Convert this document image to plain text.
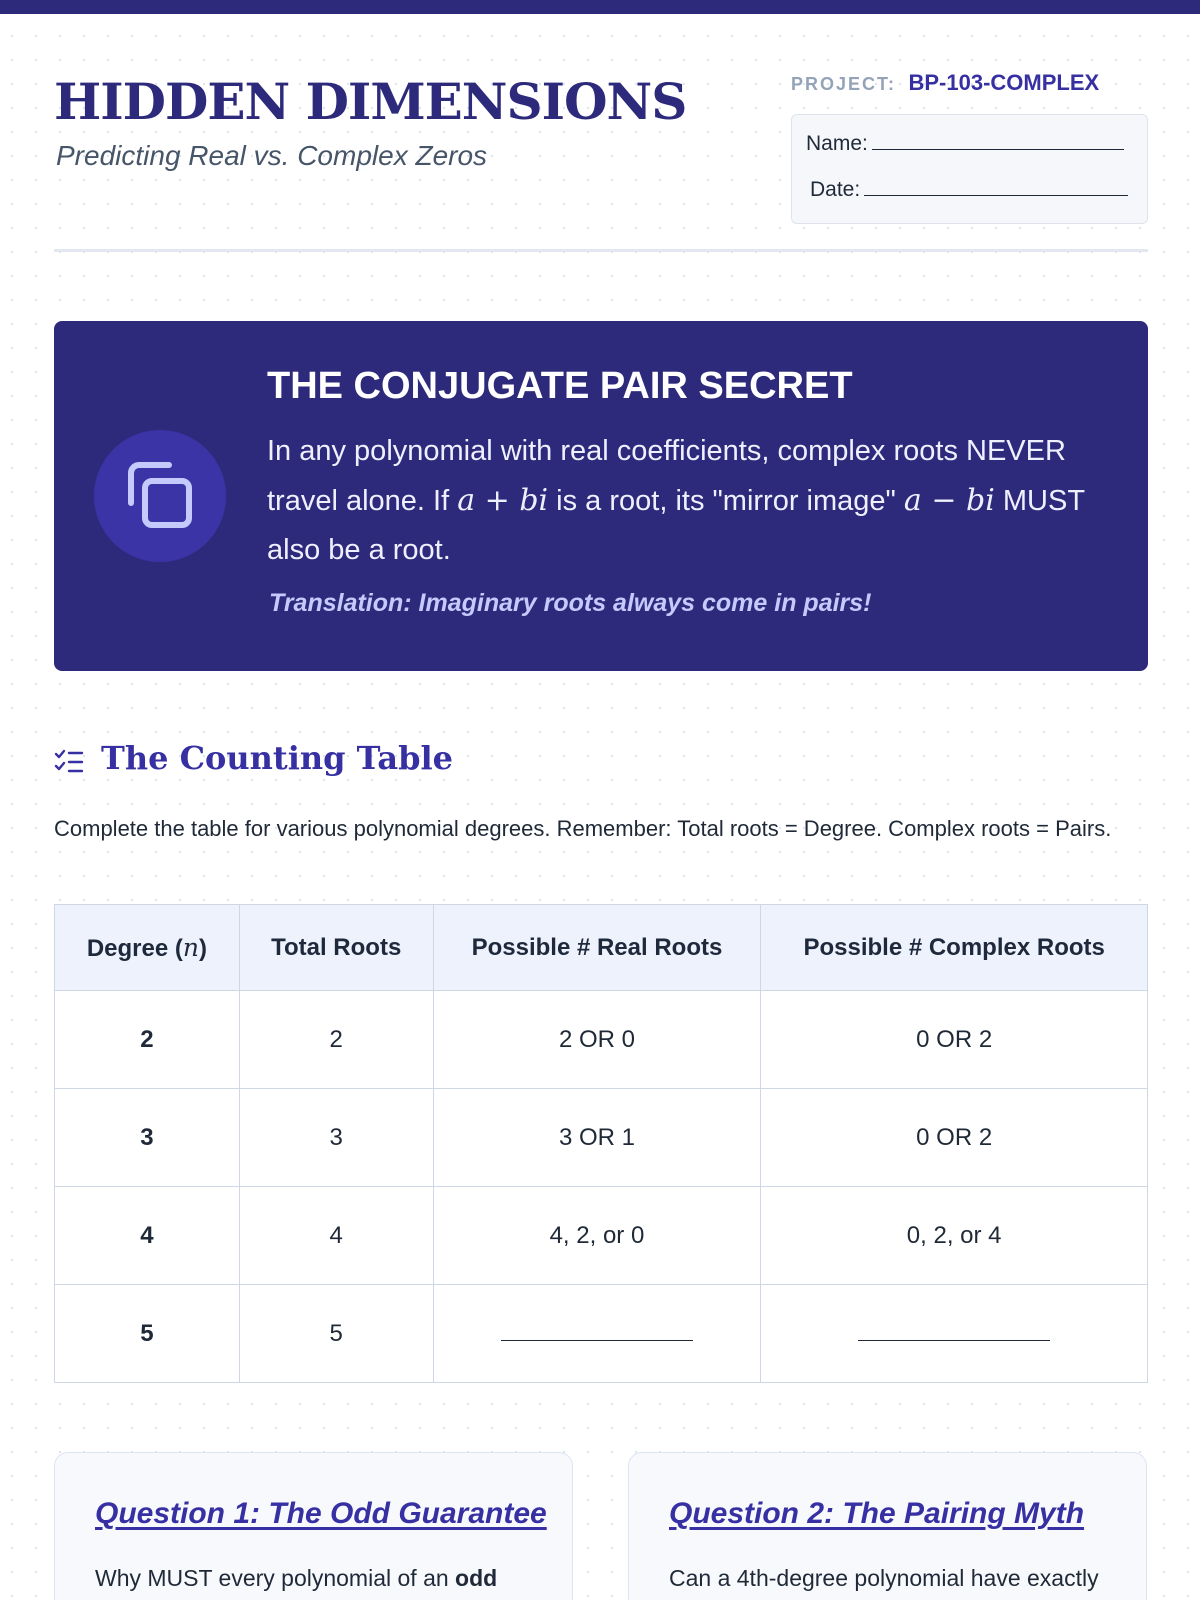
HIDDEN DIMENSIONS
Predicting Real vs. Complex Zeros
PROJECT: BP-103-COMPLEX
Name:
Date:
THE CONJUGATE PAIR SECRET
In any polynomial with real coefficients, complex roots NEVER travel alone. If a + bi is a root, its "mirror image" a − bi MUST also be a root.
Translation: Imaginary roots always come in pairs!
The Counting Table
Complete the table for various polynomial degrees. Remember: Total roots = Degree. Complex roots = Pairs.
Degree (n)	Total Roots	Possible # Real Roots	Possible # Complex Roots
2	2	2 OR 0	0 OR 2
3	3	3 OR 1	0 OR 2
4	4	4, 2, or 0	0, 2, or 4
5	5		
Question 1: The Odd Guarantee
Why MUST every polynomial of an odd
Question 2: The Pairing Myth
Can a 4th-degree polynomial have exactly
